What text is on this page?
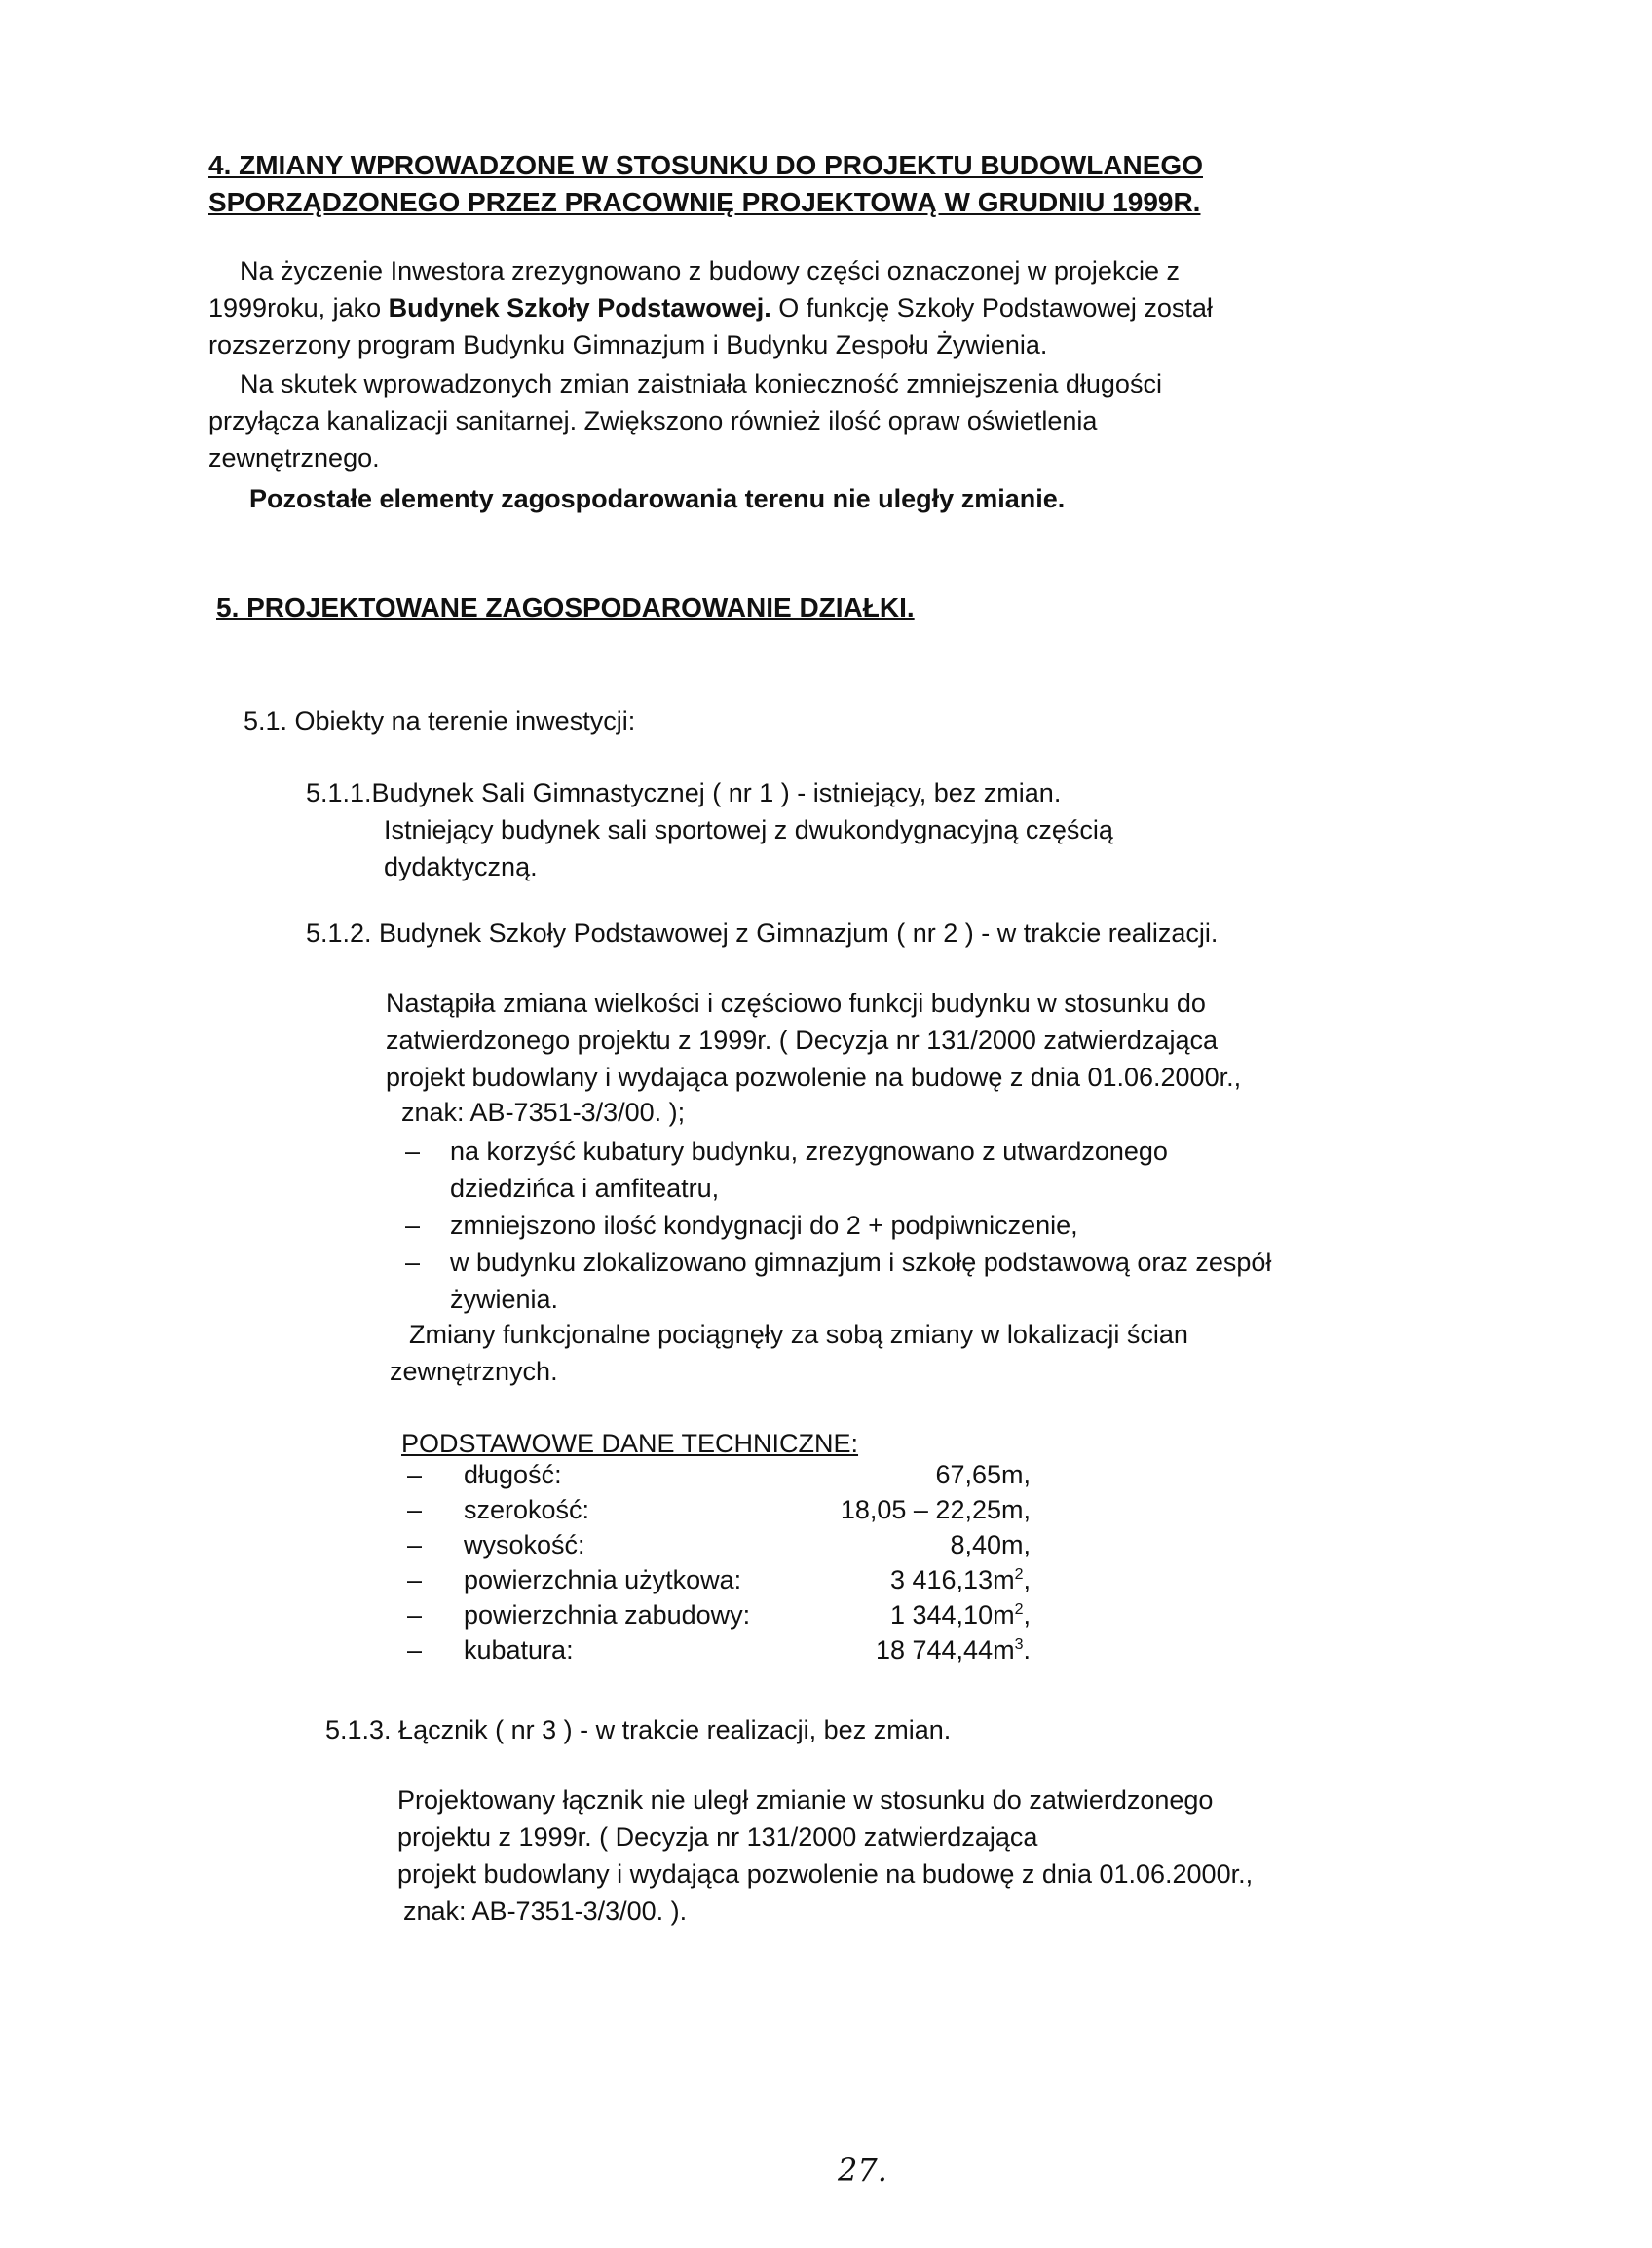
4. ZMIANY WPROWADZONE W STOSUNKU DO PROJEKTU BUDOWLANEGO
SPORZĄDZONEGO PRZEZ PRACOWNIĘ PROJEKTOWĄ W GRUDNIU 1999R.
Na życzenie Inwestora zrezygnowano z budowy części oznaczonej w projekcie z
1999roku, jako Budynek Szkoły Podstawowej. O funkcję Szkoły Podstawowej został
rozszerzony program Budynku Gimnazjum i Budynku Zespołu Żywienia.
Na skutek wprowadzonych zmian zaistniała konieczność zmniejszenia długości
przyłącza kanalizacji sanitarnej. Zwiększono również ilość opraw oświetlenia
zewnętrznego.
Pozostałe elementy zagospodarowania terenu nie uległy zmianie.
5. PROJEKTOWANE ZAGOSPODAROWANIE DZIAŁKI.
5.1. Obiekty na terenie inwestycji:
5.1.1.Budynek Sali Gimnastycznej ( nr 1 ) - istniejący, bez zmian.
Istniejący budynek sali sportowej z dwukondygnacyjną częścią
dydaktyczną.
5.1.2. Budynek Szkoły Podstawowej z Gimnazjum ( nr 2 ) - w trakcie realizacji.
Nastąpiła zmiana wielkości i częściowo funkcji budynku w stosunku do
zatwierdzonego projektu z 1999r. ( Decyzja nr 131/2000 zatwierdzająca
projekt budowlany i wydająca pozwolenie na budowę z dnia 01.06.2000r.,
znak: AB-7351-3/3/00. );
– na korzyść kubatury budynku, zrezygnowano z utwardzonego
dziedzińca i amfiteatru,
– zmniejszono ilość kondygnacji do 2 + podpiwniczenie,
– w budynku zlokalizowano gimnazjum i szkołę podstawową oraz zespół
żywienia.
Zmiany funkcjonalne pociągnęły za sobą zmiany w lokalizacji ścian
zewnętrznych.
PODSTAWOWE DANE TECHNICZNE:
– długość:	67,65m,
– szerokość:	18,05 – 22,25m,
– wysokość:	8,40m,
– powierzchnia użytkowa:	3 $416,13m^2$,
– powierzchnia zabudowy:	1 $344,10m^2$,
– kubatura:	18 $744,44m^3$.
5.1.3. Łącznik ( nr 3 ) - w trakcie realizacji, bez zmian.
Projektowany łącznik nie uległ zmianie w stosunku do zatwierdzonego
projektu z 1999r. ( Decyzja nr 131/2000 zatwierdzająca
projekt budowlany i wydająca pozwolenie na budowę z dnia 01.06.2000r.,
znak: AB-7351-3/3/00. ).
27.
